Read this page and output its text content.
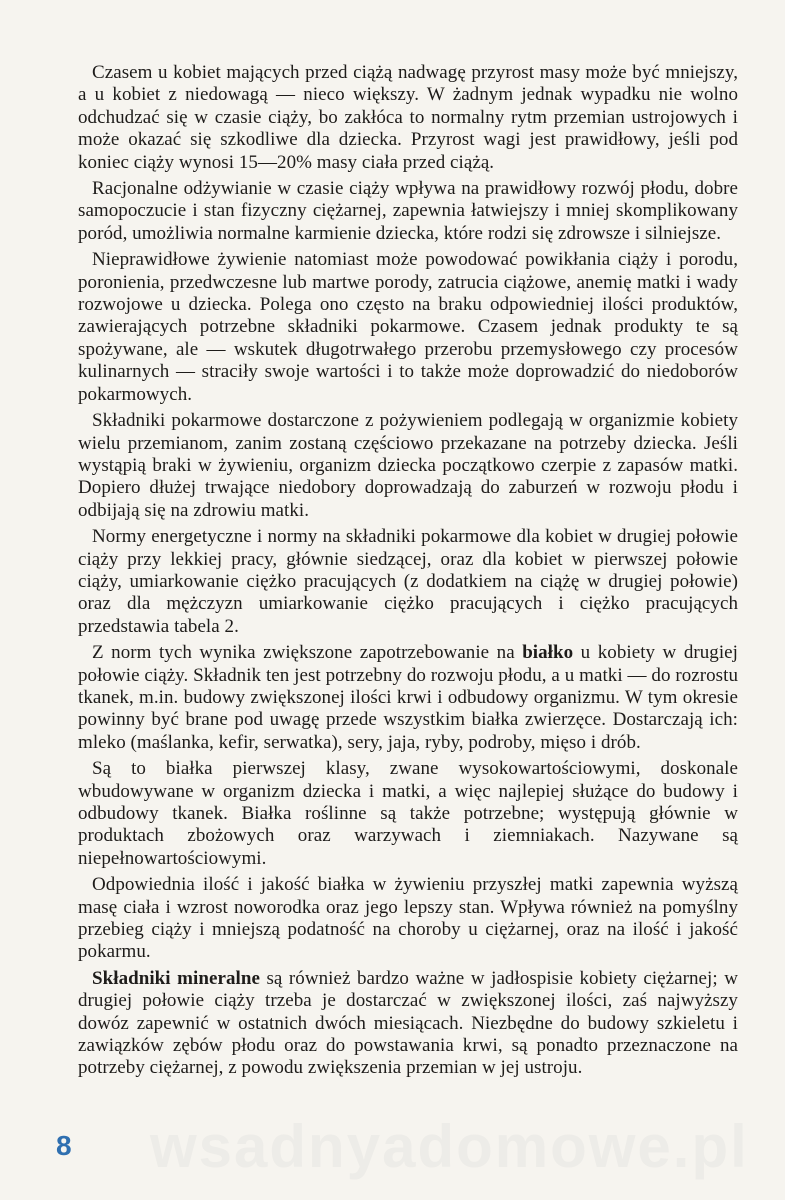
Czasem u kobiet mających przed ciążą nadwagę przyrost masy może być mniejszy, a u kobiet z niedowagą — nieco większy. W żadnym jednak wypadku nie wolno odchudzać się w czasie ciąży, bo zakłóca to normalny rytm przemian ustrojowych i może okazać się szkodliwe dla dziecka. Przyrost wagi jest prawidłowy, jeśli pod koniec ciąży wynosi 15—20% masy ciała przed ciążą.

Racjonalne odżywianie w czasie ciąży wpływa na prawidłowy rozwój płodu, dobre samopoczucie i stan fizyczny ciężarnej, zapewnia łatwiejszy i mniej skomplikowany poród, umożliwia normalne karmienie dziecka, które rodzi się zdrowsze i silniejsze.

Nieprawidłowe żywienie natomiast może powodować powikłania ciąży i porodu, poronienia, przedwczesne lub martwe porody, zatrucia ciążowe, anemię matki i wady rozwojowe u dziecka. Polega ono często na braku odpowiedniej ilości produktów, zawierających potrzebne składniki pokarmowe. Czasem jednak produkty te są spożywane, ale — wskutek długotrwałego przerobu przemysłowego czy procesów kulinarnych — straciły swoje wartości i to także może doprowadzić do niedoborów pokarmowych.

Składniki pokarmowe dostarczone z pożywieniem podlegają w organizmie kobiety wielu przemianom, zanim zostaną częściowo przekazane na potrzeby dziecka. Jeśli wystąpią braki w żywieniu, organizm dziecka początkowo czerpie z zapasów matki. Dopiero dłużej trwające niedobory doprowadzają do zaburzeń w rozwoju płodu i odbijają się na zdrowiu matki.

Normy energetyczne i normy na składniki pokarmowe dla kobiet w drugiej połowie ciąży przy lekkiej pracy, głównie siedzącej, oraz dla kobiet w pierwszej połowie ciąży, umiarkowanie ciężko pracujących (z dodatkiem na ciążę w drugiej połowie) oraz dla mężczyzn umiarkowanie ciężko pracujących i ciężko pracujących przedstawia tabela 2.

Z norm tych wynika zwiększone zapotrzebowanie na białko u kobiety w drugiej połowie ciąży. Składnik ten jest potrzebny do rozwoju płodu, a u matki — do rozrostu tkanek, m.in. budowy zwiększonej ilości krwi i odbudowy organizmu. W tym okresie powinny być brane pod uwagę przede wszystkim białka zwierzęce. Dostarczają ich: mleko (maślanka, kefir, serwatka), sery, jaja, ryby, podroby, mięso i drób.

Są to białka pierwszej klasy, zwane wysokowartościowymi, doskonale wbudowywane w organizm dziecka i matki, a więc najlepiej służące do budowy i odbudowy tkanek. Białka roślinne są także potrzebne; występują głównie w produktach zbożowych oraz warzywach i ziemniakach. Nazywane są niepełnowartościowymi.

Odpowiednia ilość i jakość białka w żywieniu przyszłej matki zapewnia wyższą masę ciała i wzrost noworodka oraz jego lepszy stan. Wpływa również na pomyślny przebieg ciąży i mniejszą podatność na choroby u ciężarnej, oraz na ilość i jakość pokarmu.

Składniki mineralne są również bardzo ważne w jadłospisie kobiety ciężarnej; w drugiej połowie ciąży trzeba je dostarczać w zwiększonej ilości, zaś najwyższy dowóz zapewnić w ostatnich dwóch miesiącach. Niezbędne do budowy szkieletu i zawiązków zębów płodu oraz do powstawania krwi, są ponadto przeznaczone na potrzeby ciężarnej, z powodu zwiększenia przemian w jej ustroju.

wsadnyadomowe.pl
8
